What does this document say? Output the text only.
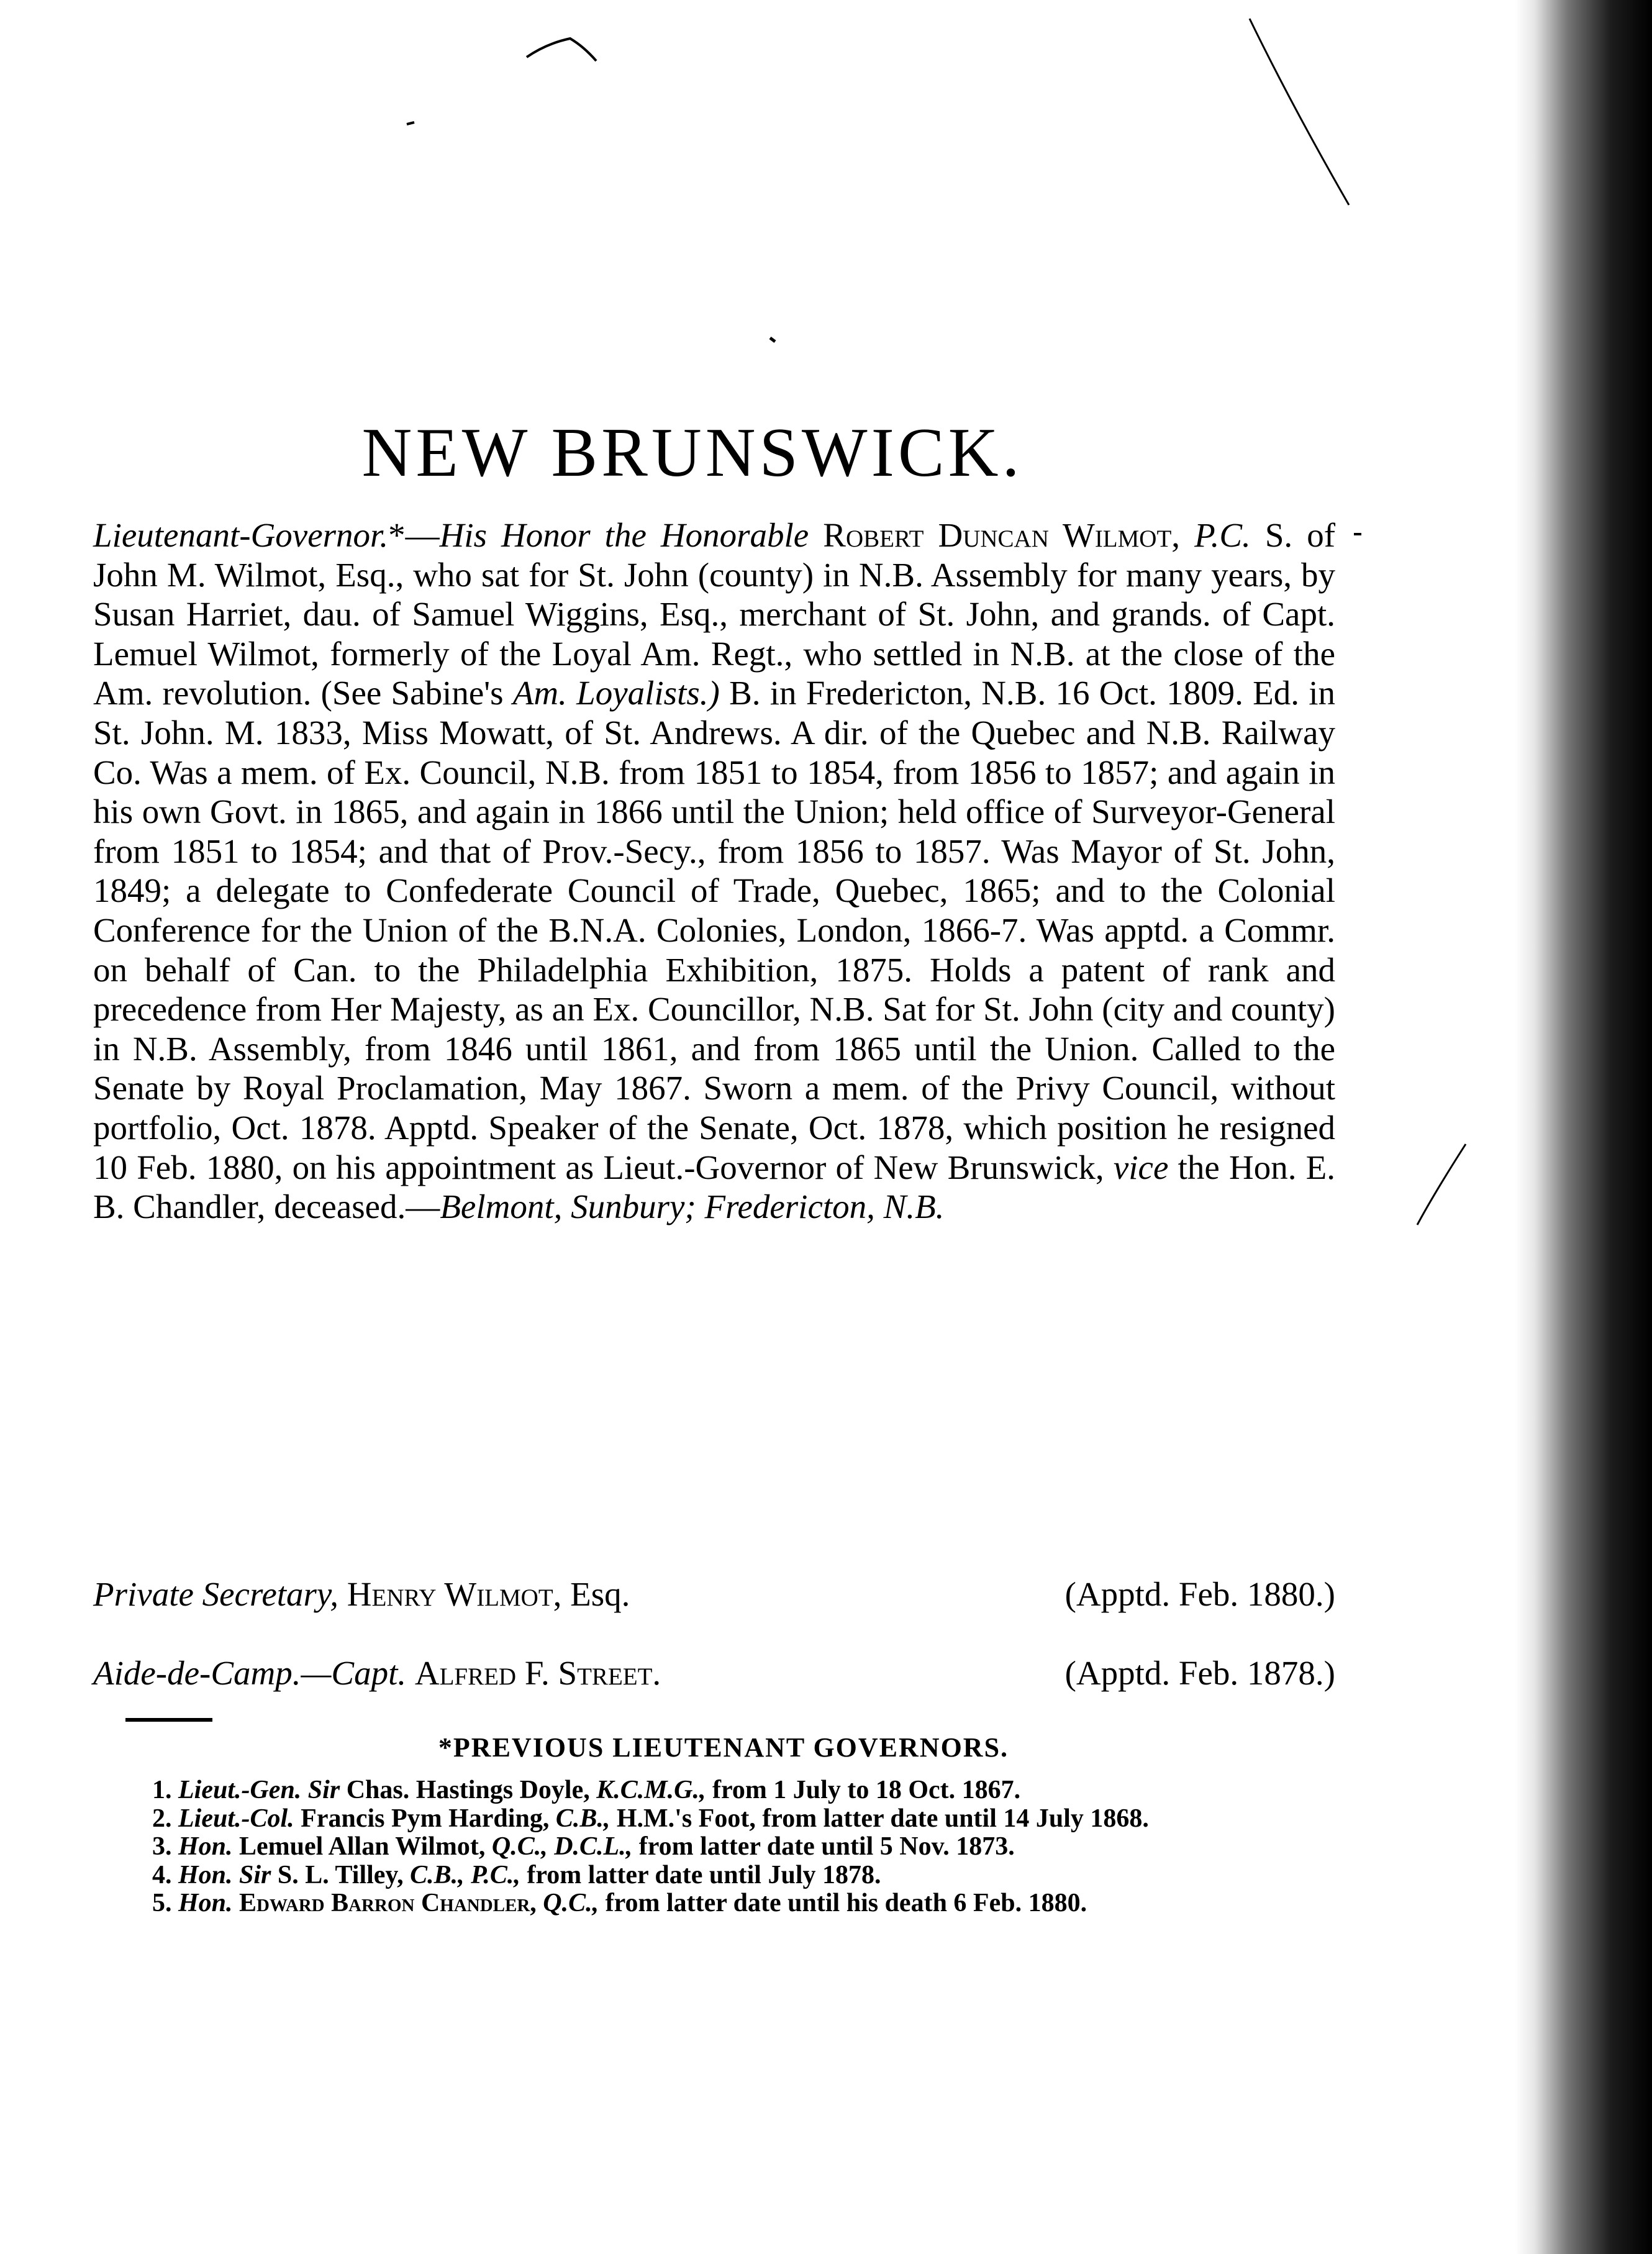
NEW BRUNSWICK.
Lieutenant-Governor.*—His Honor the Honorable Robert Duncan Wilmot, P.C. S. of John M. Wilmot, Esq., who sat for St. John (county) in N.B. Assembly for many years, by Susan Harriet, dau. of Samuel Wiggins, Esq., merchant of St. John, and grands. of Capt. Lemuel Wilmot, formerly of the Loyal Am. Regt., who settled in N.B. at the close of the Am. revolution. (See Sabine's Am. Loyalists.) B. in Fredericton, N.B. 16 Oct. 1809. Ed. in St. John. M. 1833, Miss Mowatt, of St. Andrews. A dir. of the Quebec and N.B. Railway Co. Was a mem. of Ex. Council, N.B. from 1851 to 1854, from 1856 to 1857; and again in his own Govt. in 1865, and again in 1866 until the Union; held office of Surveyor-General from 1851 to 1854; and that of Prov.-Secy., from 1856 to 1857. Was Mayor of St. John, 1849; a delegate to Confederate Council of Trade, Quebec, 1865; and to the Colonial Conference for the Union of the B.N.A. Colonies, London, 1866-7. Was apptd. a Commr. on behalf of Can. to the Philadelphia Exhibition, 1875. Holds a patent of rank and precedence from Her Majesty, as an Ex. Councillor, N.B. Sat for St. John (city and county) in N.B. Assembly, from 1846 until 1861, and from 1865 until the Union. Called to the Senate by Royal Proclamation, May 1867. Sworn a mem. of the Privy Council, without portfolio, Oct. 1878. Apptd. Speaker of the Senate, Oct. 1878, which position he resigned 10 Feb. 1880, on his appointment as Lieut.-Governor of New Brunswick, vice the Hon. E. B. Chandler, deceased.—Belmont, Sunbury; Fredericton, N.B.
Private Secretary, Henry Wilmot, Esq.	(Apptd. Feb. 1880.)
Aide-de-Camp.—Capt. Alfred F. Street.	(Apptd. Feb. 1878.)
*PREVIOUS LIEUTENANT GOVERNORS.
1. Lieut.-Gen. Sir Chas. Hastings Doyle, K.C.M.G., from 1 July to 18 Oct. 1867.
2. Lieut.-Col. Francis Pym Harding, C.B., H.M.'s Foot, from latter date until 14 July 1868.
3. Hon. Lemuel Allan Wilmot, Q.C., D.C.L., from latter date until 5 Nov. 1873.
4. Hon. Sir S. L. Tilley, C.B., P.C., from latter date until July 1878.
5. Hon. Edward Barron Chandler, Q.C., from latter date until his death 6 Feb. 1880.
